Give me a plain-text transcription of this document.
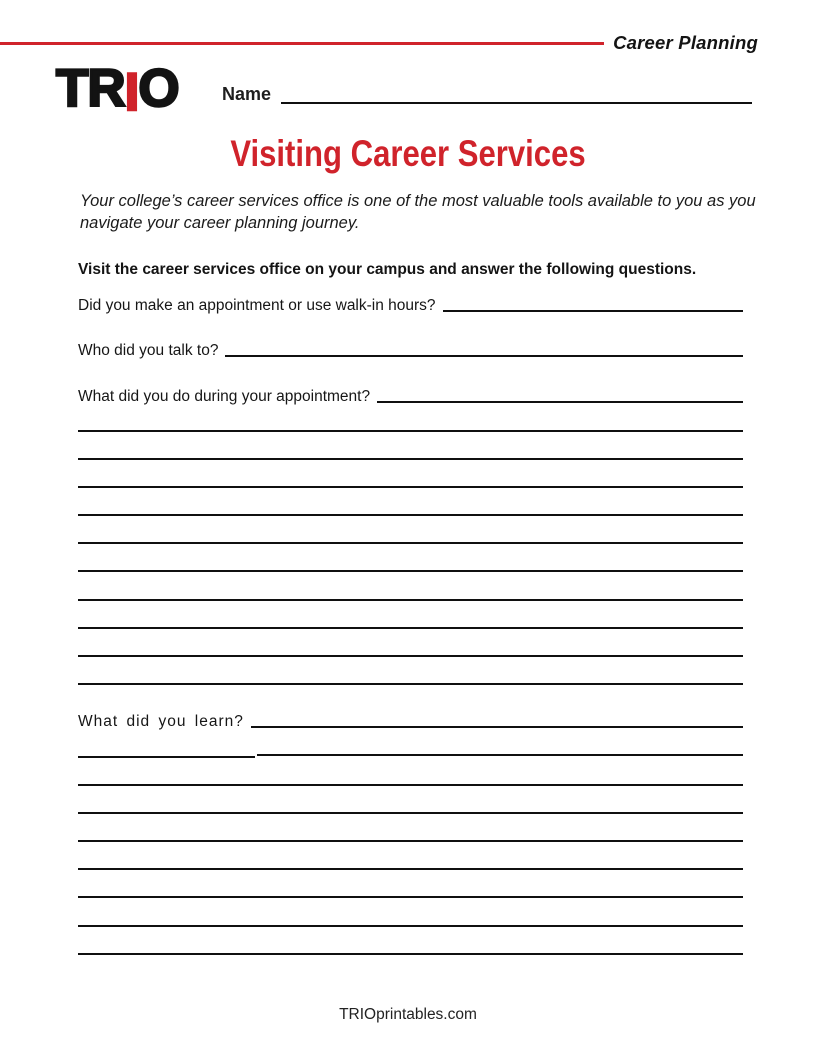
Career Planning
TRIO Name
Visiting Career Services
Your college’s career services office is one of the most valuable tools available to you as you
navigate your career planning journey.
Visit the career services office on your campus and answer the following questions.
Did you make an appointment or use walk-in hours?
Who did you talk to?
What did you do during your appointment?
What did you learn?
TRIOprintables.com
